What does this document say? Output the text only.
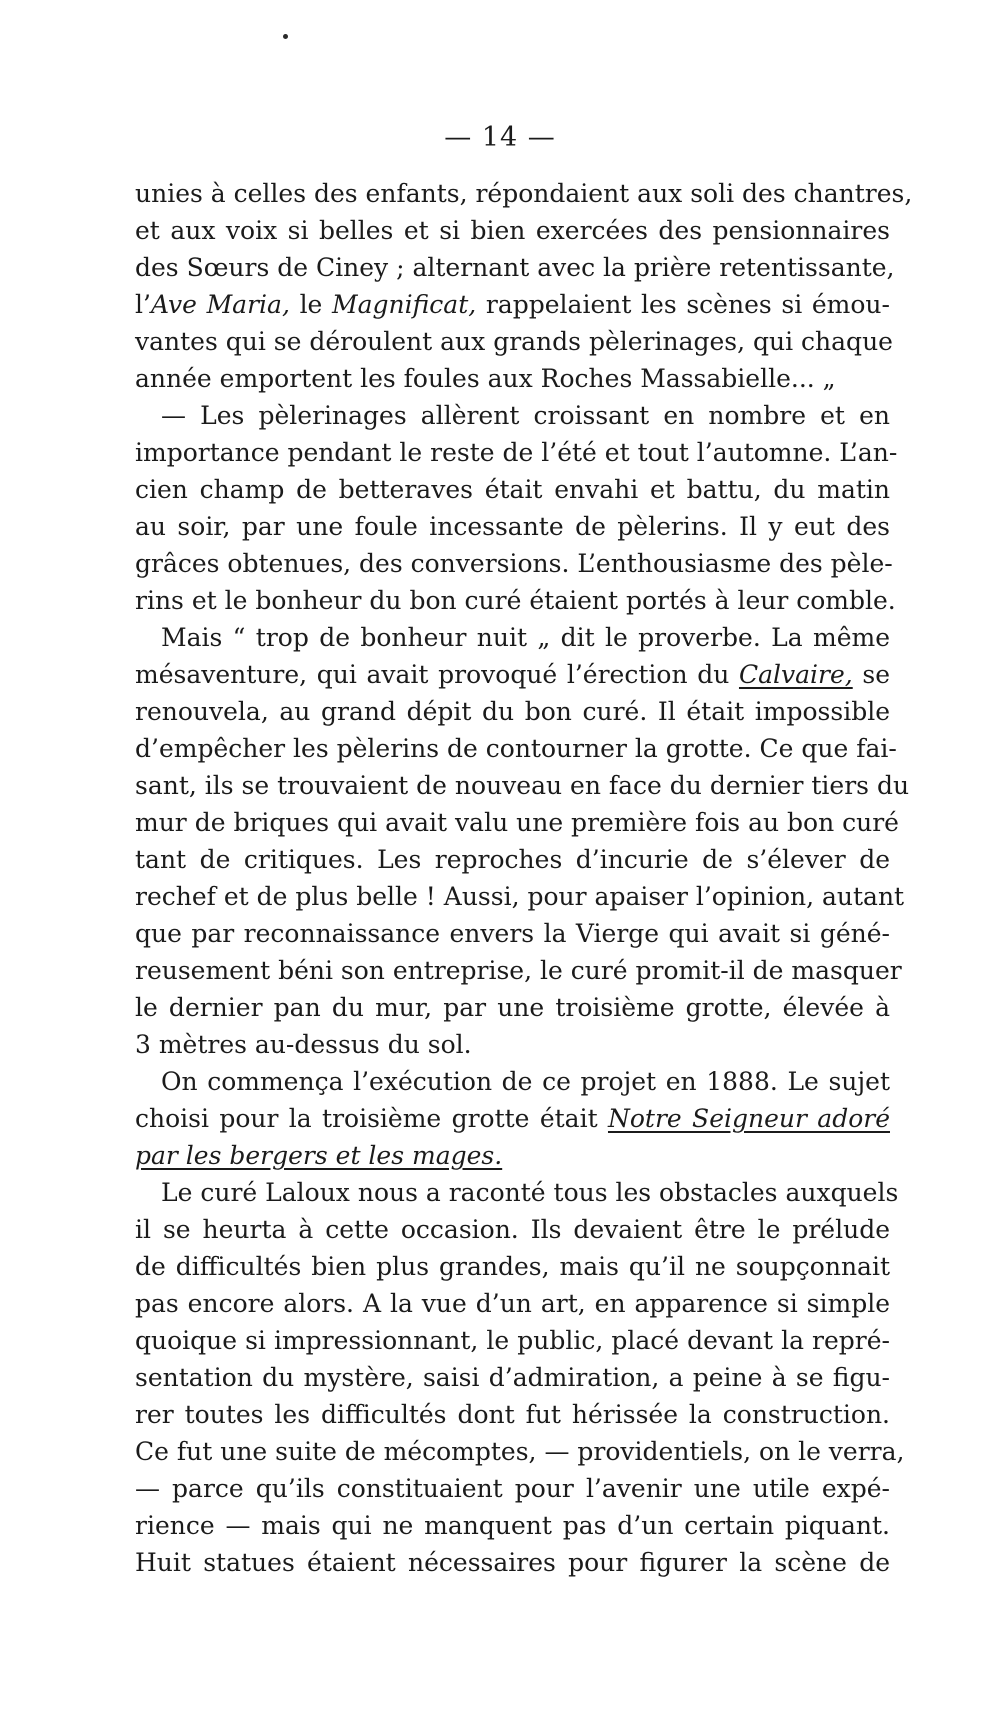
— 14 —
unies à celles des enfants, répondaient aux soli des chantres,
et aux voix si belles et si bien exercées des pensionnaires
des Sœurs de Ciney ; alternant avec la prière retentissante,
l’Ave Maria, le Magnificat, rappelaient les scènes si émou-
vantes qui se déroulent aux grands pèlerinages, qui chaque
année emportent les foules aux Roches Massabielle... „
— Les pèlerinages allèrent croissant en nombre et en
importance pendant le reste de l’été et tout l’automne. L’an-
cien champ de betteraves était envahi et battu, du matin
au soir, par une foule incessante de pèlerins. Il y eut des
grâces obtenues, des conversions. L’enthousiasme des pèle-
rins et le bonheur du bon curé étaient portés à leur comble.
Mais “ trop de bonheur nuit „ dit le proverbe. La même
mésaventure, qui avait provoqué l’érection du Calvaire, se
renouvela, au grand dépit du bon curé. Il était impossible
d’empêcher les pèlerins de contourner la grotte. Ce que fai-
sant, ils se trouvaient de nouveau en face du dernier tiers du
mur de briques qui avait valu une première fois au bon curé
tant de critiques. Les reproches d’incurie de s’élever de
rechef et de plus belle ! Aussi, pour apaiser l’opinion, autant
que par reconnaissance envers la Vierge qui avait si géné-
reusement béni son entreprise, le curé promit-il de masquer
le dernier pan du mur, par une troisième grotte, élevée à
3 mètres au-dessus du sol.
On commença l’exécution de ce projet en 1888. Le sujet
choisi pour la troisième grotte était Notre Seigneur adoré
par les bergers et les mages.
Le curé Laloux nous a raconté tous les obstacles auxquels
il se heurta à cette occasion. Ils devaient être le prélude
de difficultés bien plus grandes, mais qu’il ne soupçonnait
pas encore alors. A la vue d’un art, en apparence si simple
quoique si impressionnant, le public, placé devant la repré-
sentation du mystère, saisi d’admiration, a peine à se figu-
rer toutes les difficultés dont fut hérissée la construction.
Ce fut une suite de mécomptes, — providentiels, on le verra,
— parce qu’ils constituaient pour l’avenir une utile expé-
rience — mais qui ne manquent pas d’un certain piquant.
Huit statues étaient nécessaires pour figurer la scène de
